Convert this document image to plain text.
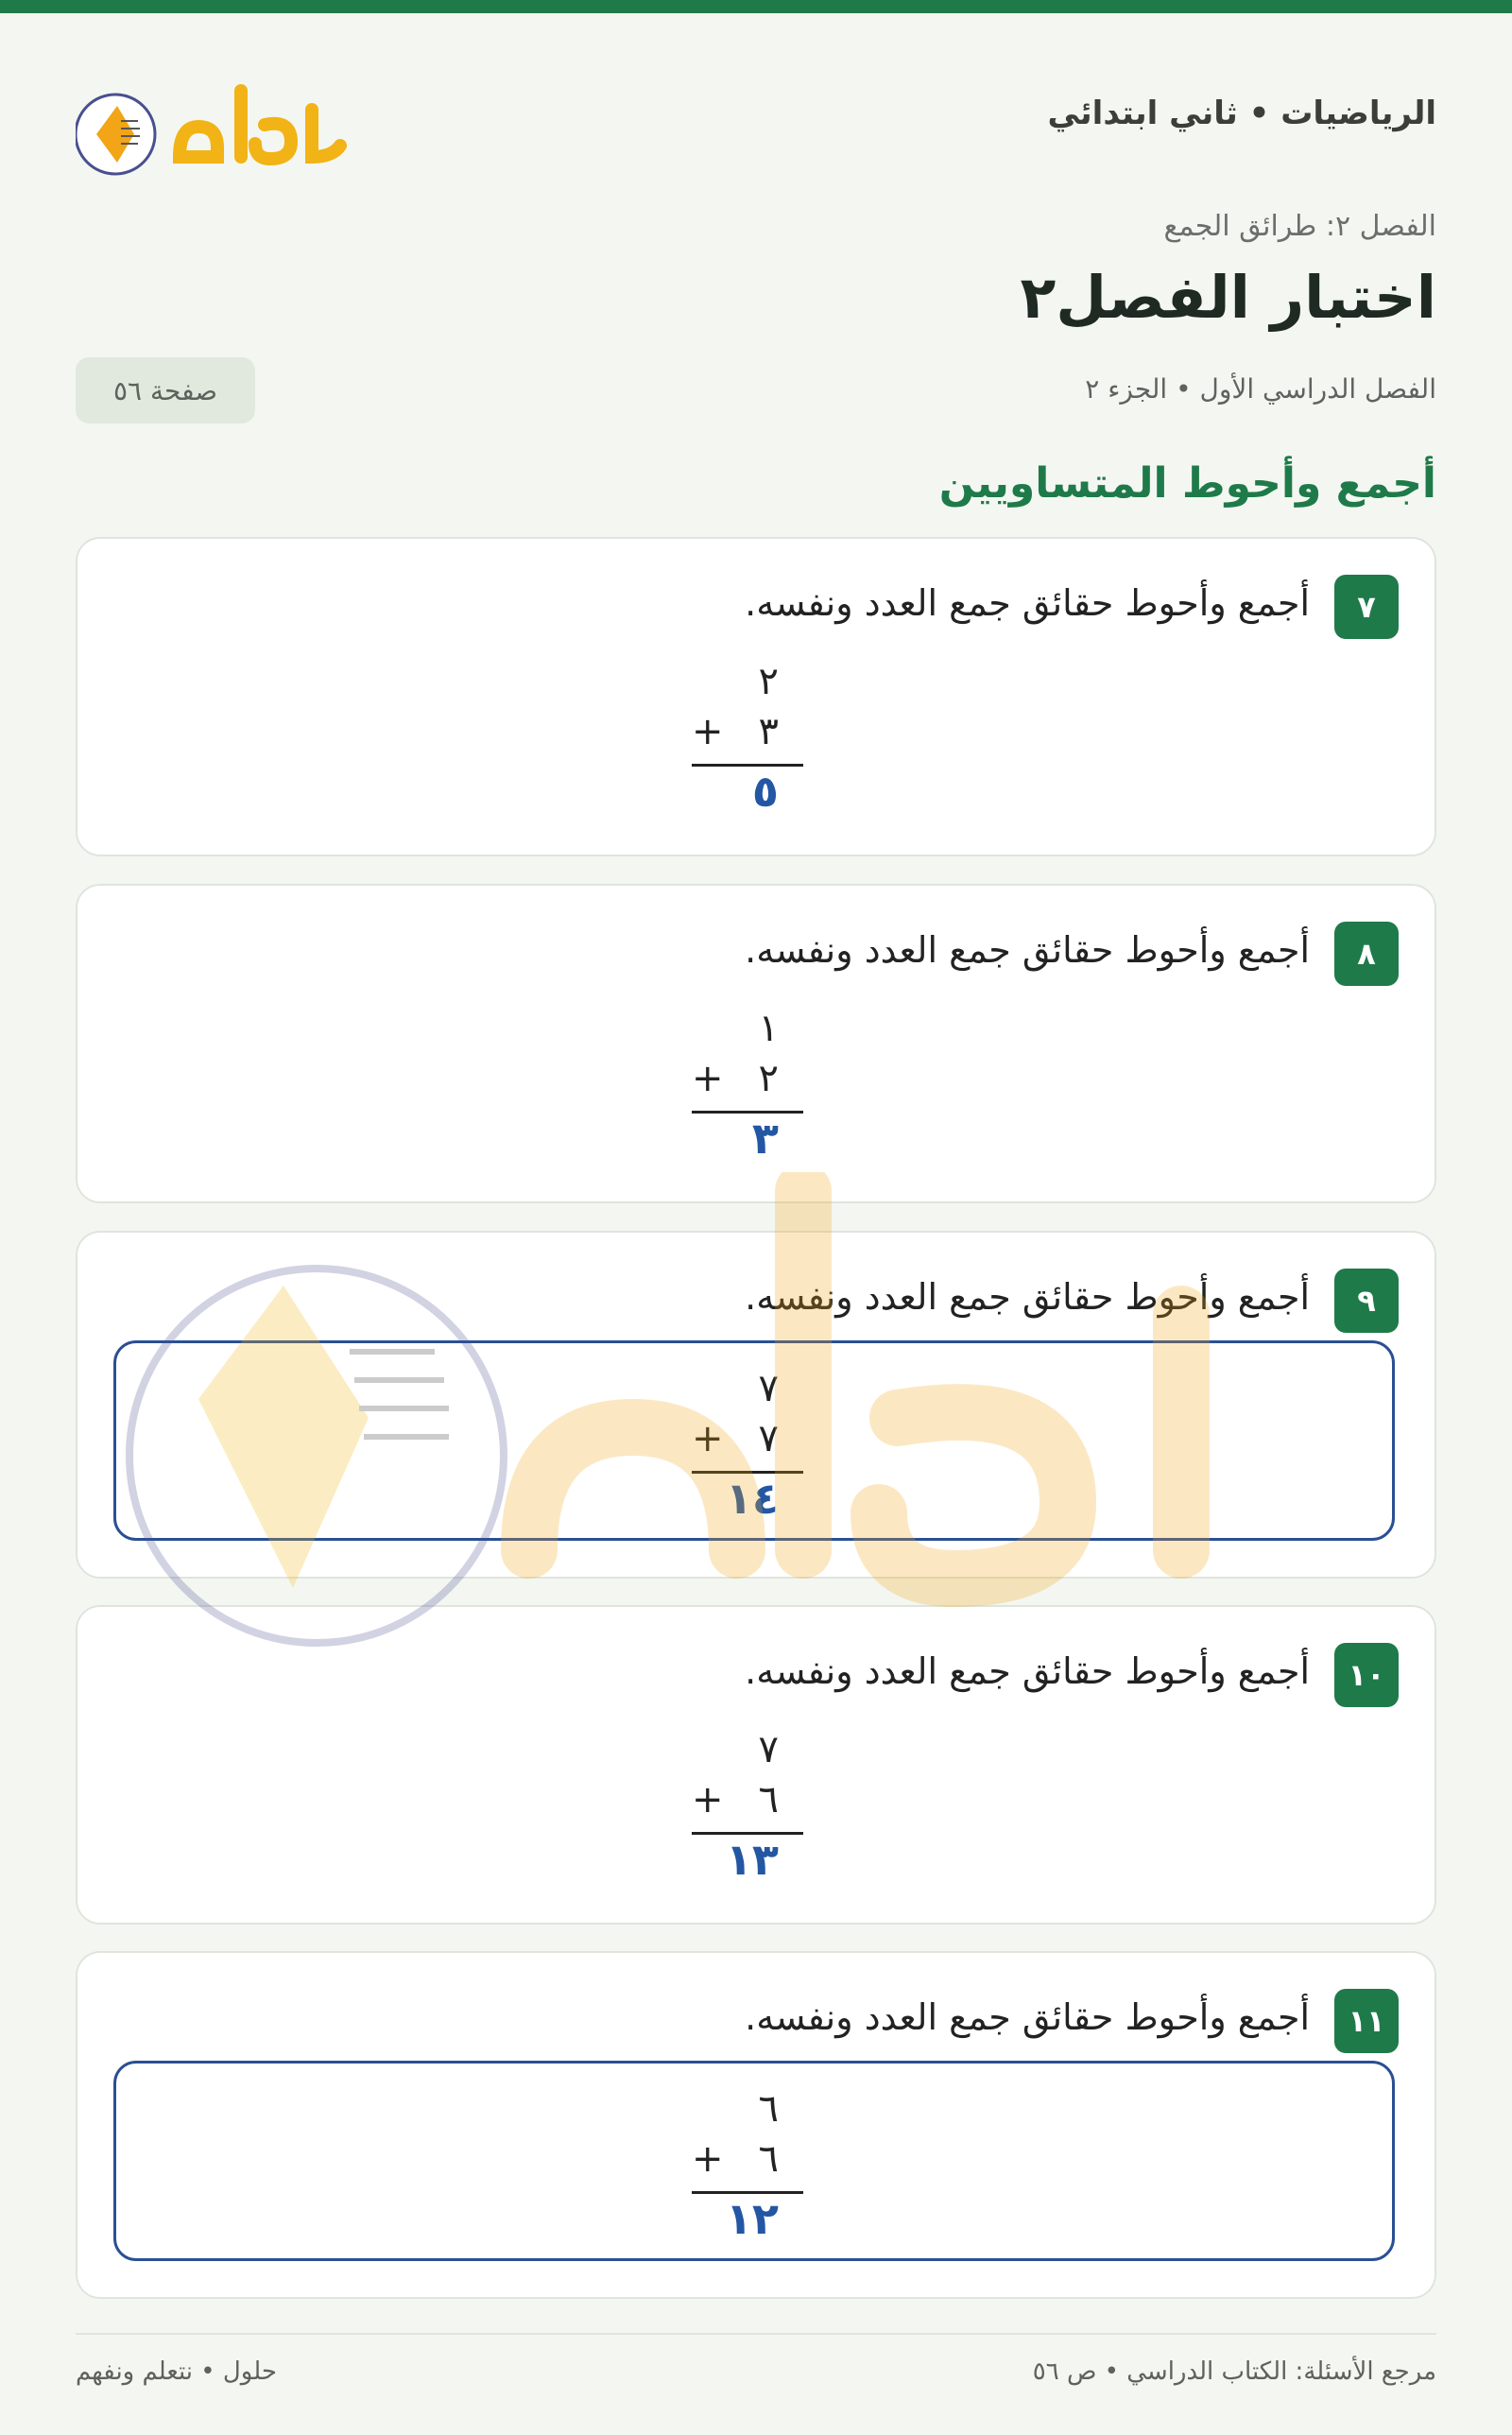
الرياضيات • ثاني ابتدائي
الفصل ٢: طرائق الجمع
اختبار الفصل٢
الفصل الدراسي الأول • الجزء ٢
صفحة ٥٦
أجمع وأحوط المتساويين
٧
أجمع وأحوط حقائق جمع العدد ونفسه.
٢
+ ٣
٥
٨
أجمع وأحوط حقائق جمع العدد ونفسه.
١
+ ٢
٣
٩
أجمع وأحوط حقائق جمع العدد ونفسه.
٧
+ ٧
١٤
١٠
أجمع وأحوط حقائق جمع العدد ونفسه.
٧
+ ٦
١٣
١١
أجمع وأحوط حقائق جمع العدد ونفسه.
٦
+ ٦
١٢
مرجع الأسئلة: الكتاب الدراسي • ص ٥٦
حلول • نتعلم ونفهم
